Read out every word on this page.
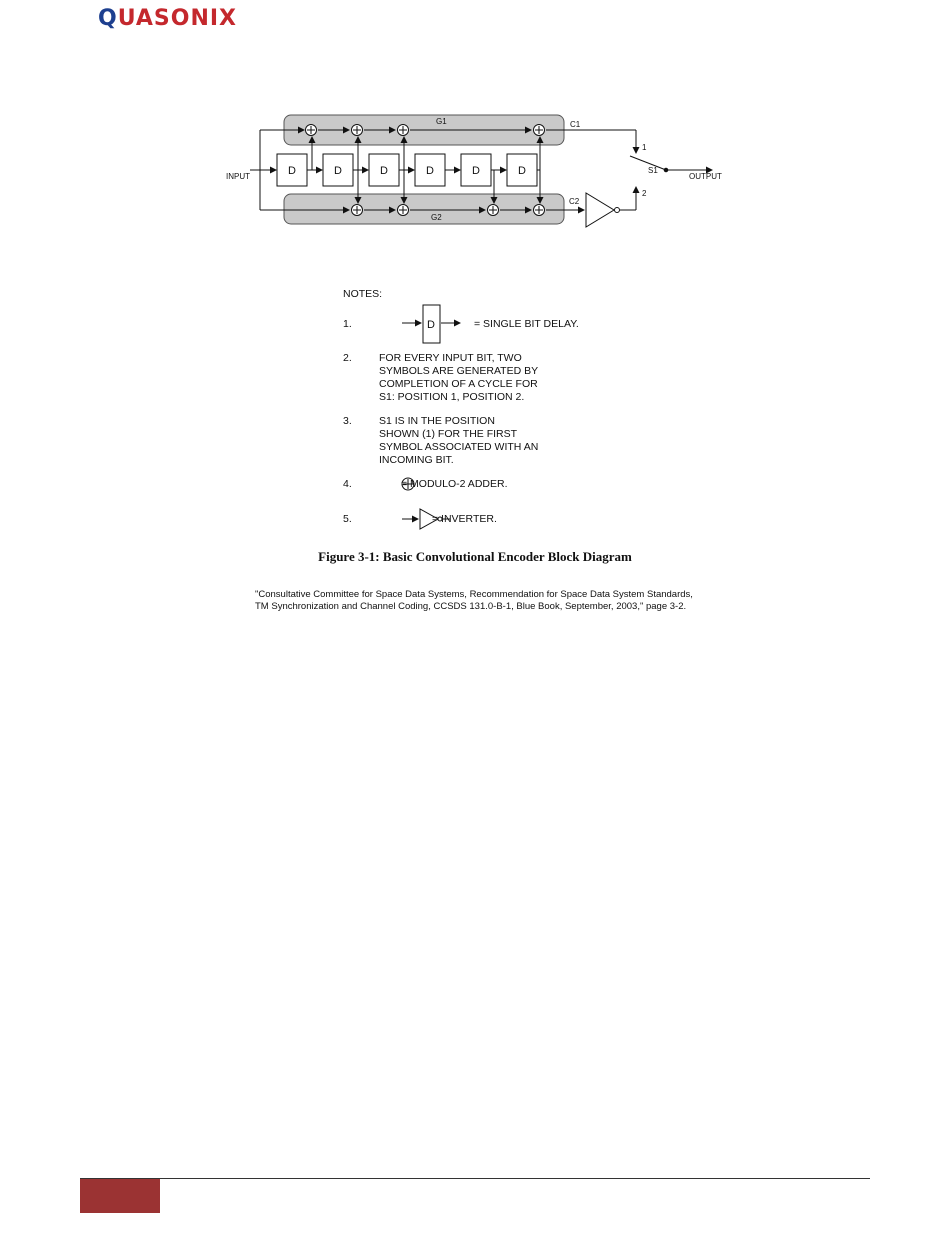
QUASONIX
D	D	D	D	D	D
INPUT	OUTPUT
G1
G2
C1
C2
S1
1
2
D
NOTES:
1.	= SINGLE BIT DELAY.
2.	FOR EVERY INPUT BIT, TWO
SYMBOLS ARE GENERATED BY
COMPLETION OF A CYCLE FOR
S1: POSITION 1, POSITION 2.
3.	S1 IS IN THE POSITION
SHOWN (1) FOR THE FIRST
SYMBOL ASSOCIATED WITH AN
INCOMING BIT.
4.	= MODULO-2 ADDER.
5.	= INVERTER.
Figure 3-1: Basic Convolutional Encoder Block Diagram
"Consultative Committee for Space Data Systems, Recommendation for Space Data System Standards,
TM Synchronization and Channel Coding, CCSDS 131.0-B-1, Blue Book, September, 2003," page 3-2.
